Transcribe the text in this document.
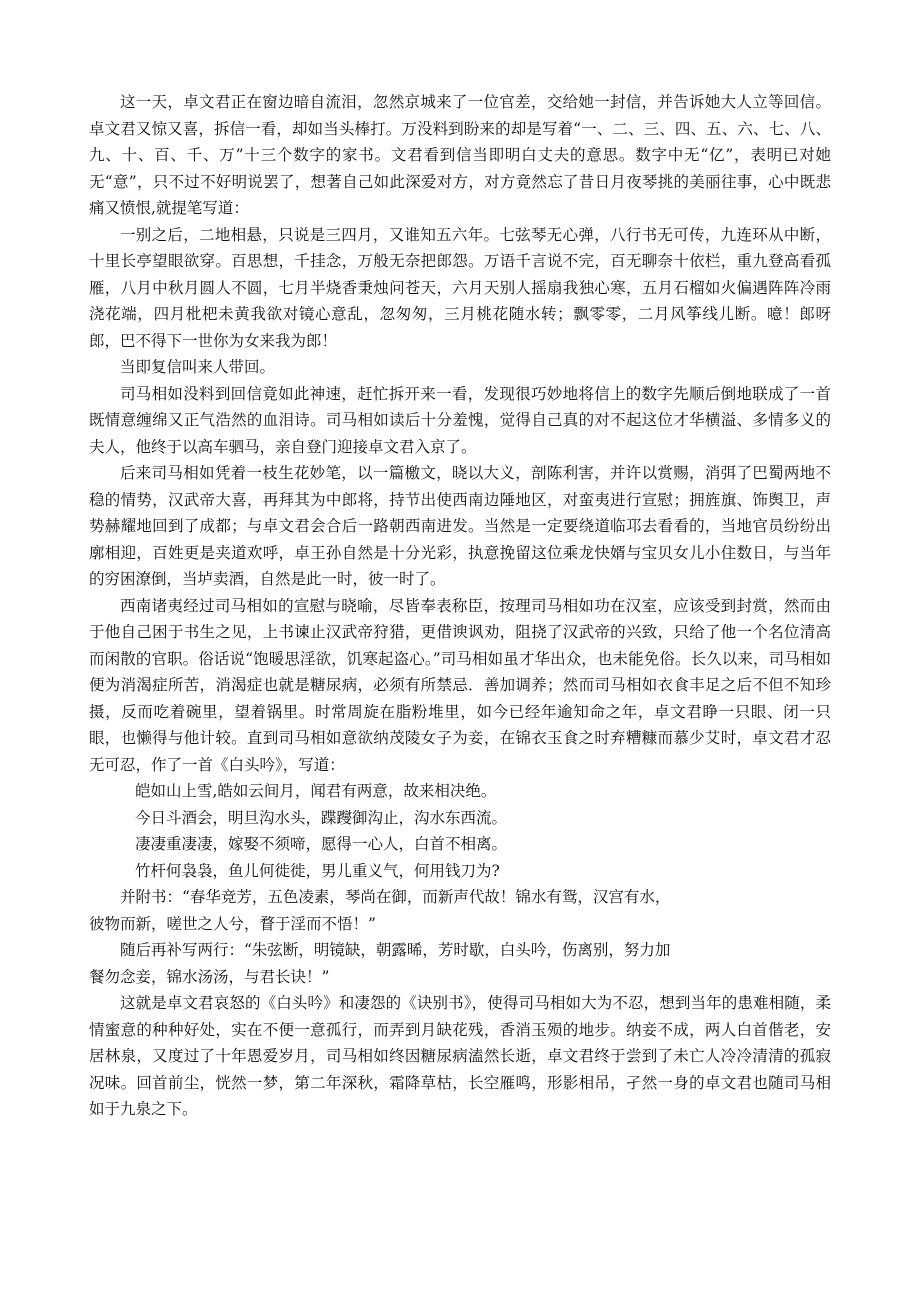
这一天，卓文君正在窗边暗自流泪，忽然京城来了一位官差，交给她一封信，并告诉她大人立等回信。卓文君又惊又喜，拆信一看，却如当头棒打。万没料到盼来的却是写着“一、二、三、四、五、六、七、八、九、十、百、千、万”十三个数字的家书。文君看到信当即明白丈夫的意思。数字中无“亿”，表明已对她无“意”，只不过不好明说罢了，想著自己如此深爱对方，对方竟然忘了昔日月夜琴挑的美丽往事，心中既悲痛又愤恨,就提笔写道：

一别之后，二地相悬，只说是三四月，又谁知五六年。七弦琴无心弹，八行书无可传，九连环从中断，十里长亭望眼欲穿。百思想，千挂念，万般无奈把郎怨。万语千言说不完，百无聊奈十依栏，重九登高看孤雁，八月中秋月圆人不圆，七月半烧香秉烛问苍天，六月天别人摇扇我独心寒，五月石榴如火偏遇阵阵冷雨浇花端，四月枇杷未黄我欲对镜心意乱，忽匆匆，三月桃花随水转；飘零零，二月风筝线儿断。噫！郎呀郎，巴不得下一世你为女来我为郎！

当即复信叫来人带回。

司马相如没料到回信竟如此神速，赶忙拆开来一看，发现很巧妙地将信上的数字先顺后倒地联成了一首既情意缠绵又正气浩然的血泪诗。司马相如读后十分羞愧，觉得自己真的对不起这位才华横溢、多情多义的夫人，他终于以高车驷马，亲自登门迎接卓文君入京了。

后来司马相如凭着一枝生花妙笔，以一篇檄文，晓以大义，剖陈利害，并许以赏赐，消弭了巴蜀两地不稳的情势，汉武帝大喜，再拜其为中郎将，持节出使西南边陲地区，对蛮夷进行宣慰；拥旌旗、饰舆卫，声势赫耀地回到了成都；与卓文君会合后一路朝西南进发。当然是一定要绕道临邛去看看的，当地官员纷纷出廓相迎，百姓更是夹道欢呼，卓王孙自然是十分光彩，执意挽留这位乘龙快婿与宝贝女儿小住数日，与当年的穷困潦倒，当垆卖酒，自然是此一时，彼一时了。

西南诸夷经过司马相如的宣慰与晓喻，尽皆奉表称臣，按理司马相如功在汉室，应该受到封赏，然而由于他自己困于书生之见，上书谏止汉武帝狩猎，更借谀讽劝，阻挠了汉武帝的兴致，只给了他一个名位清高而闲散的官职。俗话说“饱暖思淫欲，饥寒起盗心。”司马相如虽才华出众，也未能免俗。长久以来，司马相如便为消渴症所苦，消渴症也就是糖尿病，必须有所禁忌．善加调养；然而司马相如衣食丰足之后不但不知珍摄，反而吃着碗里，望着锅里。时常周旋在脂粉堆里，如今已经年逾知命之年，卓文君睁一只眼、闭一只眼，也懒得与他计较。直到司马相如意欲纳茂陵女子为妾，在锦衣玉食之时弃糟糠而慕少艾时，卓文君才忍无可忍，作了一首《白头吟》，写道：

皑如山上雪,皓如云间月，闻君有两意，故来相决绝。

今日斗酒会，明旦沟水头，蹀躞御沟止，沟水东西流。

凄凄重凄凄，嫁娶不须啼，愿得一心人，白首不相离。

竹杆何袅袅，鱼儿何徙徙，男儿重义气，何用钱刀为?

并附书：“春华竞芳，五色凌素，琴尚在御，而新声代故！锦水有鸳，汉宫有水，

彼物而新，嗟世之人兮，瞀于淫而不悟！”

随后再补写两行：“朱弦断，明镜缺，朝露晞，芳时歇，白头吟，伤离别，努力加

餐勿念妾，锦水汤汤，与君长诀！”

这就是卓文君哀怒的《白头吟》和凄怨的《诀别书》，使得司马相如大为不忍，想到当年的患难相随，柔情蜜意的种种好处，实在不便一意孤行，而弄到月缺花残，香消玉殒的地步。纳妾不成，两人白首偕老，安居林泉，又度过了十年恩爱岁月，司马相如终因糖尿病溘然长逝，卓文君终于尝到了未亡人冷冷清清的孤寂况味。回首前尘，恍然一梦，第二年深秋，霜降草枯，长空雁鸣，形影相吊，孑然一身的卓文君也随司马相如于九泉之下。
